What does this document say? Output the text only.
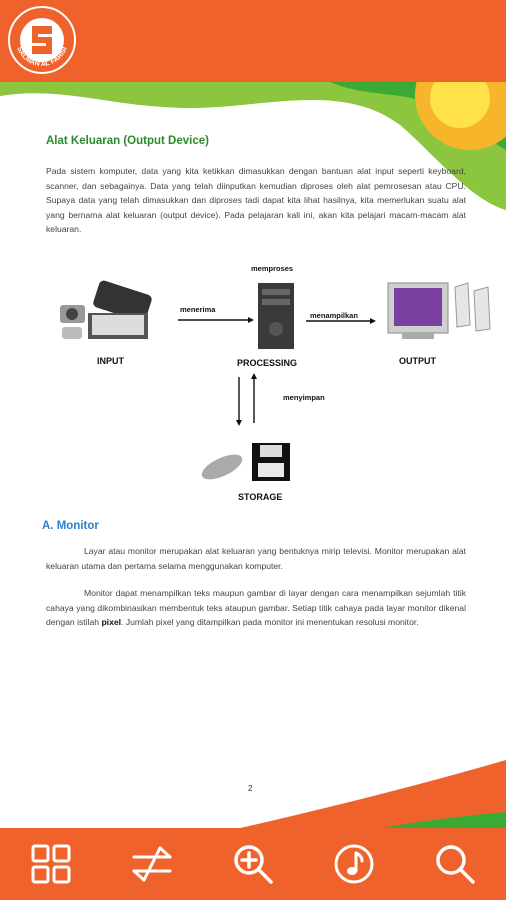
SALMAN AL FARISI
Alat Keluaran (Output Device)

Pada sistem komputer, data yang kita ketikkan dimasukkan dengan bantuan alat input seperti keyboard, scanner, dan sebagainya. Data yang telah diinputkan kemudian diproses oleh alat pemrosesan atau CPU. Supaya data yang telah dimasukkan dan diproses tadi dapat kita lihat hasilnya, kita memerlukan suatu alat yang bernama alat keluaran (output device). Pada pelajaran kali ini, akan kita pelajari macam-macam alat keluaran.

INPUT	PROCESSING	OUTPUT
STORAGE
memproses
menerima
menampilkan
menyimpan
A. Monitor

Layar atau monitor merupakan alat keluaran yang bentuknya mirip televisi. Monitor merupakan alat keluaran utama dan pertama selama menggunakan komputer.

Monitor dapat menampilkan teks maupun gambar di layar dengan cara menampilkan sejumlah titik cahaya yang dikombinasikan membentuk teks ataupun gambar. Setiap titik cahaya pada layar monitor dikenal dengan istilah pixel. Jumlah pixel yang ditampilkan pada monitor ini menentukan resolusi monitor.

2
